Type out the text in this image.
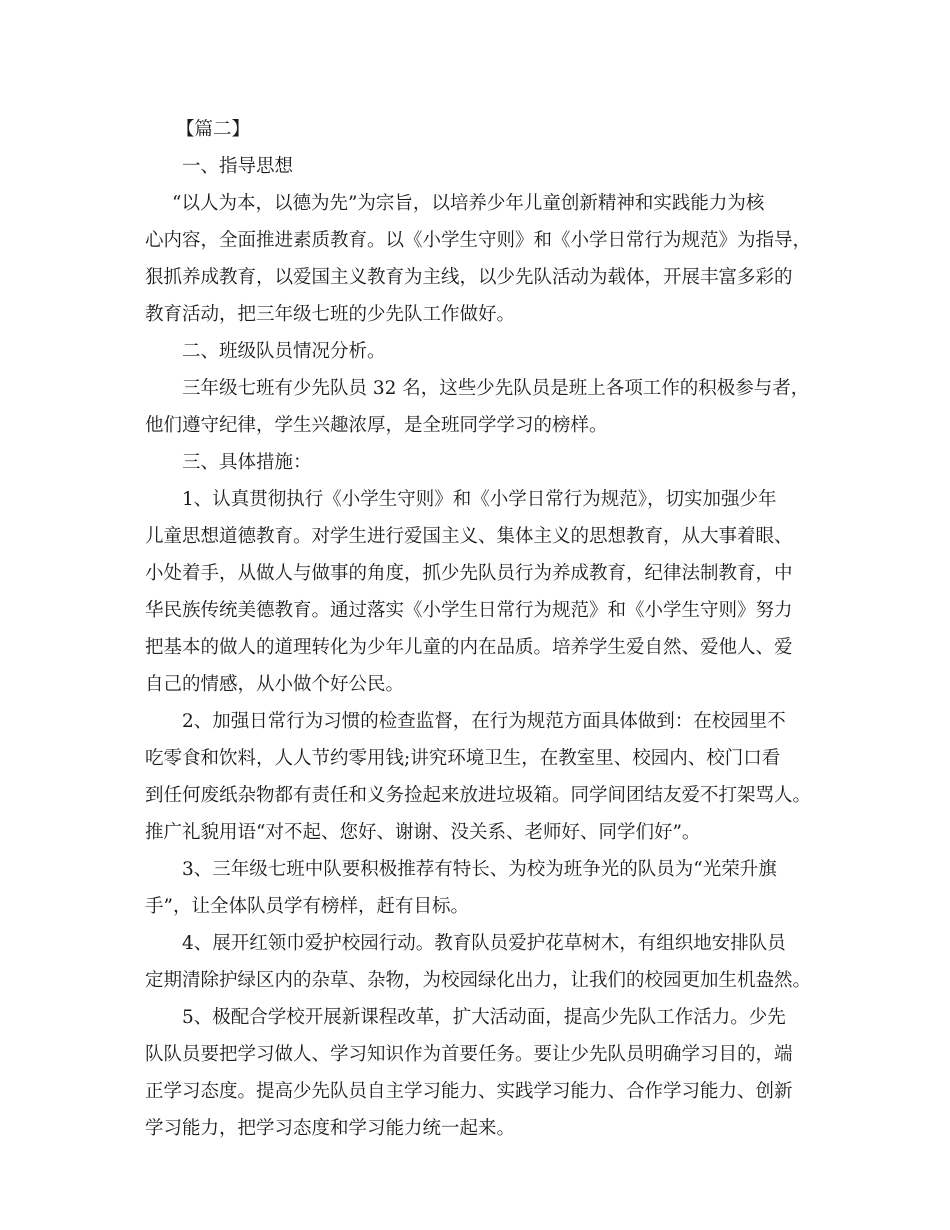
【篇二】
一、指导思想
“以人为本，以德为先”为宗旨，以培养少年儿童创新精神和实践能力为核
心内容，全面推进素质教育。以《小学生守则》和《小学日常行为规范》为指导，
狠抓养成教育，以爱国主义教育为主线，以少先队活动为载体，开展丰富多彩的
教育活动，把三年级七班的少先队工作做好。
二、班级队员情况分析。
三年级七班有少先队员 32 名，这些少先队员是班上各项工作的积极参与者，
他们遵守纪律，学生兴趣浓厚，是全班同学学习的榜样。
三、具体措施：
1、认真贯彻执行《小学生守则》和《小学日常行为规范》，切实加强少年
儿童思想道德教育。对学生进行爱国主义、集体主义的思想教育，从大事着眼、
小处着手，从做人与做事的角度，抓少先队员行为养成教育，纪律法制教育，中
华民族传统美德教育。通过落实《小学生日常行为规范》和《小学生守则》努力
把基本的做人的道理转化为少年儿童的内在品质。培养学生爱自然、爱他人、爱
自己的情感，从小做个好公民。
2、加强日常行为习惯的检查监督，在行为规范方面具体做到：在校园里不
吃零食和饮料，人人节约零用钱;讲究环境卫生，在教室里、校园内、校门口看
到任何废纸杂物都有责任和义务捡起来放进垃圾箱。同学间团结友爱不打架骂人。
推广礼貌用语“对不起、您好、谢谢、没关系、老师好、同学们好”。
3、三年级七班中队要积极推荐有特长、为校为班争光的队员为“光荣升旗
手”，让全体队员学有榜样，赶有目标。
4、展开红领巾爱护校园行动。教育队员爱护花草树木，有组织地安排队员
定期清除护绿区内的杂草、杂物，为校园绿化出力，让我们的校园更加生机盎然。
5、极配合学校开展新课程改革，扩大活动面，提高少先队工作活力。少先
队队员要把学习做人、学习知识作为首要任务。要让少先队员明确学习目的，端
正学习态度。提高少先队员自主学习能力、实践学习能力、合作学习能力、创新
学习能力，把学习态度和学习能力统一起来。
